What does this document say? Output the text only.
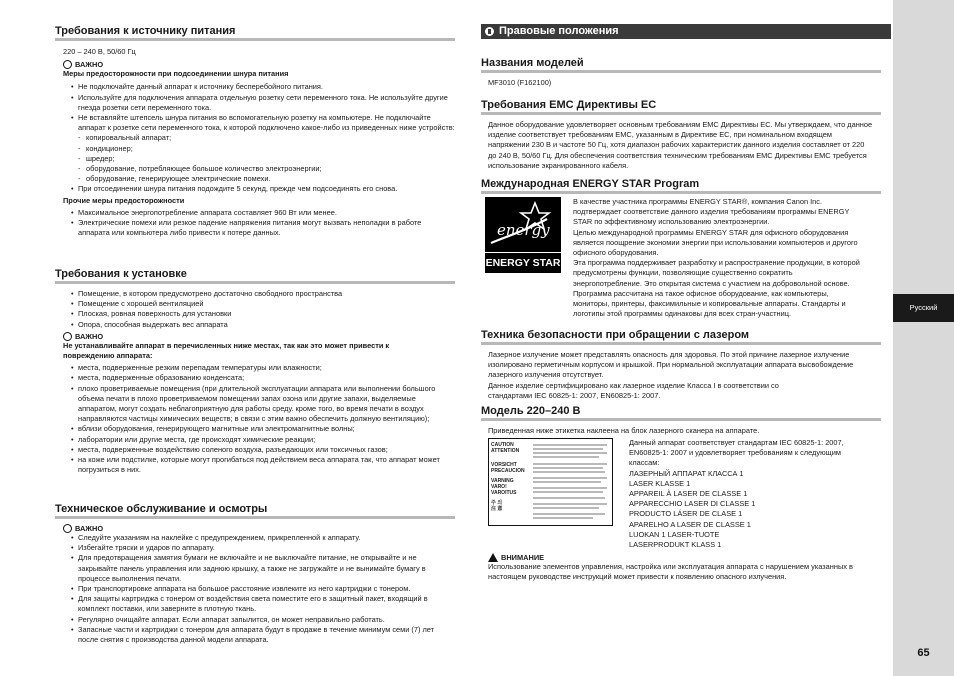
Требования к источнику питания
220 – 240 В, 50/60 Гц
ВАЖНО
Меры предосторожности при подсоединении шнура питания
• Не подключайте данный аппарат к источнику бесперебойного питания.
• Используйте для подключения аппарата отдельную розетку сети переменного тока. Не используйте другие гнезда розетки сети переменного тока.
• Не вставляйте штепсель шнура питания во вспомогательную розетку на компьютере. Не подключайте аппарат к розетке сети переменного тока, к которой подключено какое-либо из приведенных ниже устройств:
- копировальный аппарат;
- кондиционер;
- шредер;
- оборудование, потребляющее большое количество электроэнергии;
- оборудование, генерирующее электрические помехи.
• При отсоединении шнура питания подождите 5 секунд, прежде чем подсоединять его снова.
Прочие меры предосторожности
• Максимальное энергопотребление аппарата составляет 960 Вт или менее.
• Электрические помехи или резкое падение напряжения питания могут вызвать неполадки в работе аппарата или компьютера либо привести к потере данных.
Требования к установке
• Помещение, в котором предусмотрено достаточно свободного пространства
• Помещение с хорошей вентиляцией
• Плоская, ровная поверхность для установки
• Опора, способная выдержать вес аппарата
ВАЖНО
Не устанавливайте аппарат в перечисленных ниже местах, так как это может привести к повреждению аппарата:
• места, подверженные резким перепадам температуры или влажности;
• места, подверженные образованию конденсата;
• плохо проветриваемые помещения (при длительной эксплуатации аппарата или выполнении большого объема печати в плохо проветриваемом помещении запах озона или другие запахи, выделяемые аппаратом, могут создать неблагоприятную для работы среду. кроме того, во время печати в воздух направляются частицы химических веществ; в связи с этим важно обеспечить должную вентиляцию);
• вблизи оборудования, генерирующего магнитные или электромагнитные волны;
• лаборатории или другие места, где происходят химические реакции;
• места, подверженные воздействию соленого воздуха, разъедающих или токсичных газов;
• на коже или подстилке, которые могут прогибаться под действием веса аппарата так, что аппарат может погрузиться в них.
Техническое обслуживание и осмотры
ВАЖНО
• Следуйте указаниям на наклейке с предупреждением, прикрепленной к аппарату.
• Избегайте тряски и ударов по аппарату.
• Для предотвращения замятия бумаги не включайте и не выключайте питание, не открывайте и не закрывайте панель управления или заднюю крышку, а также не загружайте и не вынимайте бумагу в процессе выполнения печати.
• При транспортировке аппарата на большое расстояние извлеките из него картриджи с тонером.
• Для защиты картриджа с тонером от воздействия света поместите его в защитный пакет, входящий в комплект поставки, или заверните в плотную ткань.
• Регулярно очищайте аппарат. Если аппарат запылится, он может неправильно работать.
• Запасные части и картриджи с тонером для аппарата будут в продаже в течение минимум семи (7) лет после снятия с производства данной модели аппарата.
Правовые положения
Названия моделей
MF3010 (F162100)
Требования EMC Директивы ЕС
Данное оборудование удовлетворяет основным требованиям EMC Директивы ЕС. Мы утверждаем, что данное изделие соответствует требованиям EMC, указанным в Директиве ЕС, при номинальном входящем напряжении 230 В и частоте 50 Гц, хотя диапазон рабочих характеристик данного изделия составляет от 220 до 240 В, 50/60 Гц. Для обеспечения соответствия техническим требованиям EMC Директивы EMC требуется использование экранированного кабеля.
Международная ENERGY STAR Program
energy
ENERGY STAR
В качестве участника программы ENERGY STAR®, компания Canon Inc. подтверждает соответствие данного изделия требованиям программы ENERGY STAR по эффективному использованию электроэнергии.
Целью международной программы ENERGY STAR для офисного оборудования является поощрение экономии энергии при использовании компьютеров и другого офисного оборудования.
Эта программа поддерживает разработку и распространение продукции, в которой предусмотрены функции, позволяющие существенно сократить энергопотребление. Это открытая система с участием на добровольной основе.
Программа рассчитана на такое офисное оборудование, как компьютеры, мониторы, принтеры, факсимильные и копировальные аппараты. Стандарты и логотипы этой программы одинаковы для всех стран-участниц.
Техника безопасности при обращении с лазером
Лазерное излучение может представлять опасность для здоровья. По этой причине лазерное излучение изолировано герметичным корпусом и крышкой. При нормальной эксплуатации аппарата высвобождение лазерного излучения отсутствует.
Данное изделие сертифицировано как лазерное изделие Класса I в соответствии со стандартами IEC 60825-1: 2007, EN60825-1: 2007.
Модель 220–240 В
Приведенная ниже этикетка наклеена на блок лазерного сканера на аппарате.
CAUTION
ATTENTION
VORSICHT
PRECAUCION
VARNING
VARO!
VAROITUS
주 의
注 意
Данный аппарат соответствует стандартам IEC 60825-1: 2007, EN60825-1: 2007 и удовлетворяет требованиям к следующим классам:
ЛАЗЕРНЫЙ АППАРАТ КЛАССА 1
LASER KLASSE 1
APPAREIL À LASER DE CLASSE 1
APPARECCHIO LASER DI CLASSE 1
PRODUCTO LÁSER DE CLASE 1
APARELHO A LASER DE CLASSE 1
LUOKAN 1 LASER-TUOTE
LASERPRODUKT KLASS 1
ВНИМАНИЕ
Использование элементов управления, настройка или эксплуатация аппарата с нарушением указанных в настоящем руководстве инструкций может привести к появлению опасного излучения.
Русский
65
